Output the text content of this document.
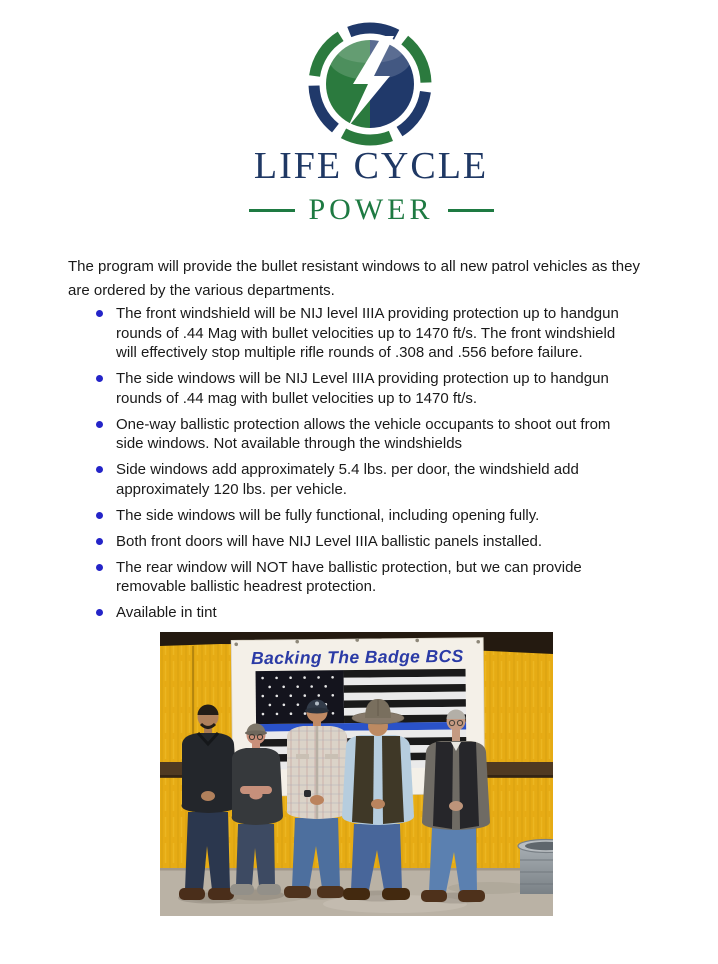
LIFE CYCLE
POWER

The program will provide the bullet resistant windows to all new patrol vehicles as they are ordered by the various departments.

The front windshield will be NIJ level IIIA providing protection up to handgun rounds of .44 Mag with bullet velocities up to 1470 ft/s. The front windshield will effectively stop multiple rifle rounds of .308 and .556 before failure.
The side windows will be NIJ Level IIIA providing protection up to handgun rounds of .44 mag with bullet velocities up to 1470 ft/s.
One-way ballistic protection allows the vehicle occupants to shoot out from side windows. Not available through the windshields
Side windows add approximately 5.4 lbs. per door, the windshield add approximately 120 lbs. per vehicle.
The side windows will be fully functional, including opening fully.
Both front doors will have NIJ Level IIIA ballistic panels installed.
The rear window will NOT have ballistic protection, but we can provide removable ballistic headrest protection.
Available in tint
Backing The Badge BCS
